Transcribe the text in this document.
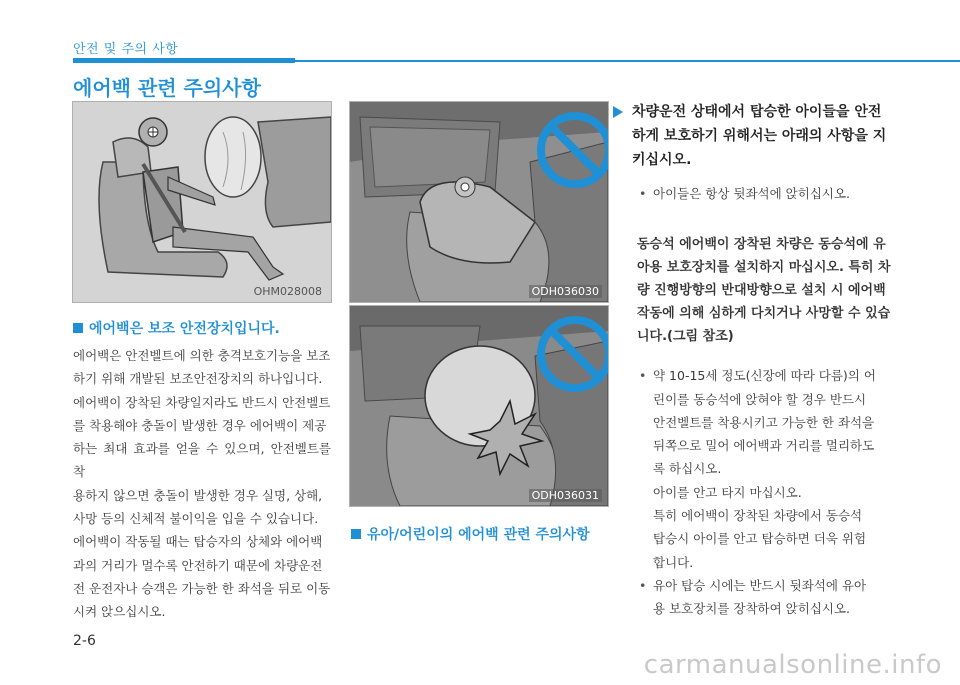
안전 및 주의 사항
에어백 관련 주의사항
OHM028008	ODH036030
ODH036031
에어백은 보조 안전장치입니다.
에어백은 안전벨트에 의한 충격보호기능을 보조
하기 위해 개발된 보조안전장치의 하나입니다.
에어백이 장착된 차량일지라도 반드시 안전벨트
를 착용해야 충돌이 발생한 경우 에어백이 제공
하는 최대 효과를 얻을 수 있으며, 안전벨트를 착
용하지 않으면 충돌이 발생한 경우 실명, 상해,
사망 등의 신체적 불이익을 입을 수 있습니다.
에어백이 작동될 때는 탑승자의 상체와 에어백
과의 거리가 멀수록 안전하기 때문에 차량운전
전 운전자나 승객은 가능한 한 좌석을 뒤로 이동
시켜 앉으십시오.
유아/어린이의 에어백 관련 주의사항
차량운전 상태에서 탑승한 아이들을 안전
하게 보호하기 위해서는 아래의 사항을 지
키십시오.
• 아이들은 항상 뒷좌석에 앉히십시오.
동승석 에어백이 장착된 차량은 동승석에 유
아용 보호장치를 설치하지 마십시오. 특히 차
량 진행방향의 반대방향으로 설치 시 에어백
작동에 의해 심하게 다치거나 사망할 수 있습
니다.(그림 참조)
• 약 10-15세 정도(신장에 따라 다름)의 어
린이를 동승석에 앉혀야 할 경우 반드시
안전벨트를 착용시키고 가능한 한 좌석을
뒤쪽으로 밀어 에어백과 거리를 멀리하도
록 하십시오.
아이를 안고 타지 마십시오.
특히 에어백이 장착된 차량에서 동승석
탑승시 아이를 안고 탑승하면 더욱 위험
합니다.
• 유아 탑승 시에는 반드시 뒷좌석에 유아
용 보호장치를 장착하여 앉히십시오.
2-6
carmanualsonline.info
